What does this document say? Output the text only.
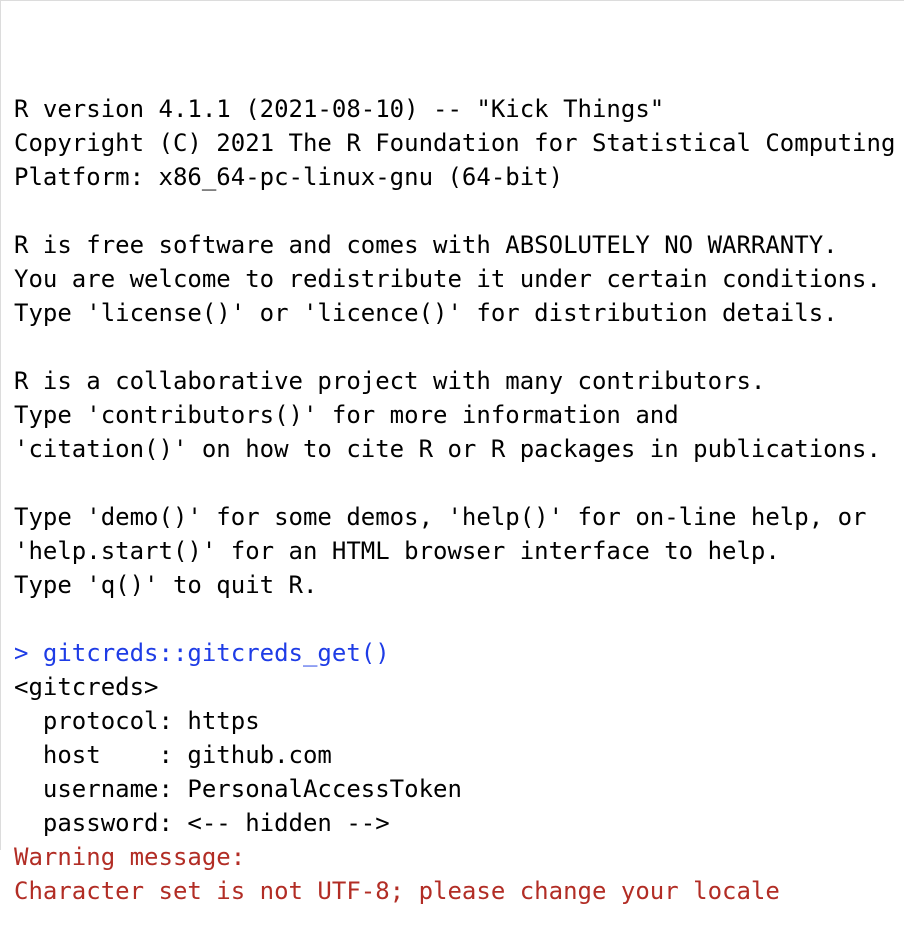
R version 4.1.1 (2021-08-10) -- "Kick Things"
Copyright (C) 2021 The R Foundation for Statistical Computing
Platform: x86_64-pc-linux-gnu (64-bit)

R is free software and comes with ABSOLUTELY NO WARRANTY.
You are welcome to redistribute it under certain conditions.
Type 'license()' or 'licence()' for distribution details.

R is a collaborative project with many contributors.
Type 'contributors()' for more information and
'citation()' on how to cite R or R packages in publications.

Type 'demo()' for some demos, 'help()' for on-line help, or
'help.start()' for an HTML browser interface to help.
Type 'q()' to quit R.

> gitcreds::gitcreds_get()
<gitcreds>
protocol: https
host    : github.com
username: PersonalAccessToken
password: <-- hidden -->
Warning message:
Character set is not UTF-8; please change your locale
